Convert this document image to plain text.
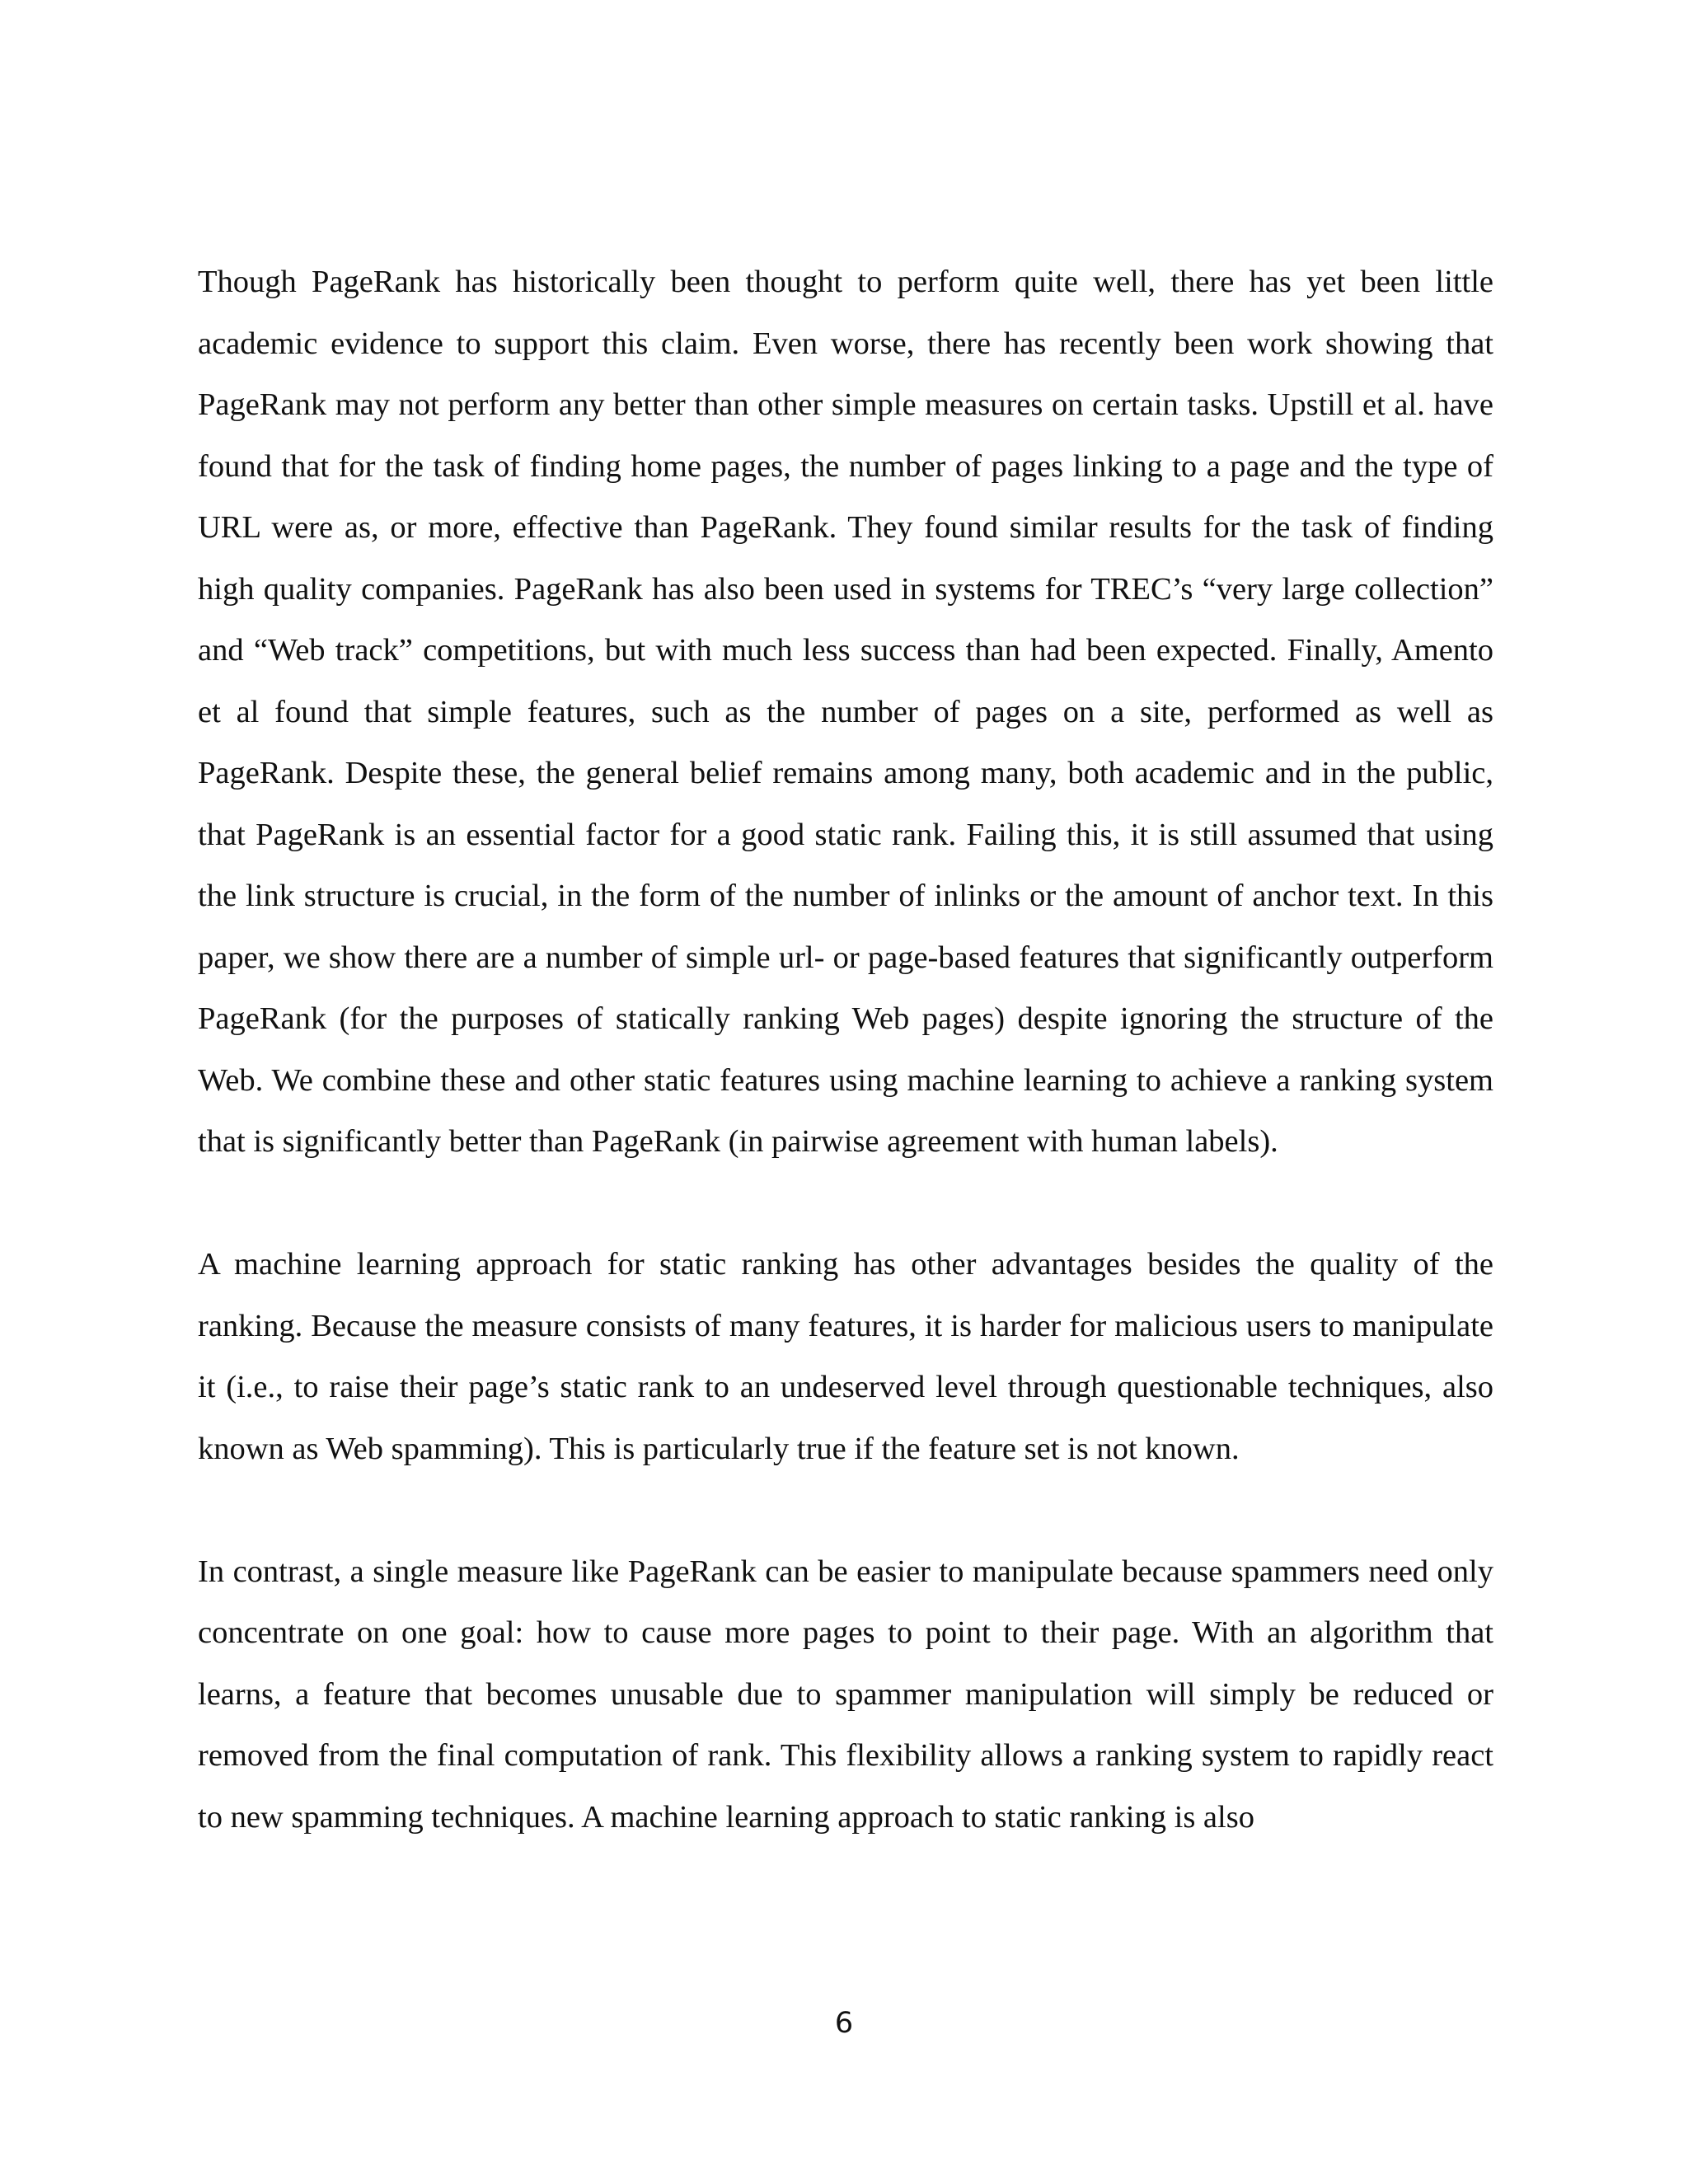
Though PageRank has historically been thought to perform quite well, there has yet been little academic evidence to support this claim. Even worse, there has recently been work showing that PageRank may not perform any better than other simple measures on certain tasks. Upstill et al. have found that for the task of finding home pages, the number of pages linking to a page and the type of URL were as, or more, effective than PageRank. They found similar results for the task of finding high quality companies. PageRank has also been used in systems for TREC’s “very large collection” and “Web track” competitions, but with much less success than had been expected. Finally, Amento et al found that simple features, such as the number of pages on a site, performed as well as PageRank. Despite these, the general belief remains among many, both academic and in the public, that PageRank is an essential factor for a good static rank. Failing this, it is still assumed that using the link structure is crucial, in the form of the number of inlinks or the amount of anchor text. In this paper, we show there are a number of simple url- or page-based features that significantly outperform PageRank (for the purposes of statically ranking Web pages) despite ignoring the structure of the Web. We combine these and other static features using machine learning to achieve a ranking system that is significantly better than PageRank (in pairwise agreement with human labels).

A machine learning approach for static ranking has other advantages besides the quality of the ranking. Because the measure consists of many features, it is harder for malicious users to manipulate it (i.e., to raise their page’s static rank to an undeserved level through questionable techniques, also known as Web spamming). This is particularly true if the feature set is not known.

In contrast, a single measure like PageRank can be easier to manipulate because spammers need only concentrate on one goal: how to cause more pages to point to their page. With an algorithm that learns, a feature that becomes unusable due to spammer manipulation will simply be reduced or removed from the final computation of rank. This flexibility allows a ranking system to rapidly react to new spamming techniques. A machine learning approach to static ranking is also

6
